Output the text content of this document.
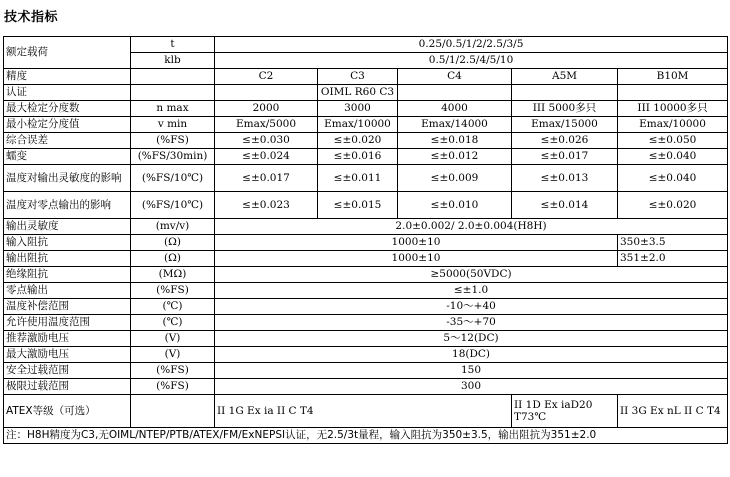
技术指标
额定载荷	t	0.25/0.5/1/2/2.5/3/5				
	klb	0.5/1/2.5/4/5/10				
精度		C2	C3	C4	A5M	B10M
认证			OIML R60 C3			
最大检定分度数	n max	2000	3000	4000	III 5000多只	III 10000多只
最小检定分度值	v min	Emax/5000	Emax/10000	Emax/14000	Emax/15000	Emax/10000
综合误差	(%FS)	≤±0.030	≤±0.020	≤±0.018	≤±0.026	≤±0.050
蠕变	(%FS/30min)	≤±0.024	≤±0.016	≤±0.012	≤±0.017	≤±0.040
温度对输出灵敏度的影响	(%FS/10℃)	≤±0.017	≤±0.011	≤±0.009	≤±0.013	≤±0.040
温度对零点输出的影响	(%FS/10℃)	≤±0.023	≤±0.015	≤±0.010	≤±0.014	≤±0.020
输出灵敏度	(mv/v)	2.0±0.002/ 2.0±0.004(H8H)				
输入阻抗	(Ω)	1000±10				350±3.5
输出阻抗	(Ω)	1000±10				351±2.0
绝缘阻抗	(MΩ)	≥5000(50VDC)				
零点输出	(%FS)	≤±1.0				
温度补偿范围	(℃)	-10～+40				
允许使用温度范围	(℃)	-35～+70				
推荐激励电压	(V)	5～12(DC)				
最大激励电压	(V)	18(DC)				
安全过载范围	(%FS)	150				
极限过载范围	(%FS)	300				
ATEX等级（可选）		II 1G Ex ia II C T4			II 1D Ex iaD20 T73℃	II 3G Ex nL II C T4
注：H8H精度为C3,无OIML/NTEP/PTB/ATEX/FM/ExNEPSI认证，无2.5/3t量程，输入阻抗为350±3.5，输出阻抗为351±2.0						
